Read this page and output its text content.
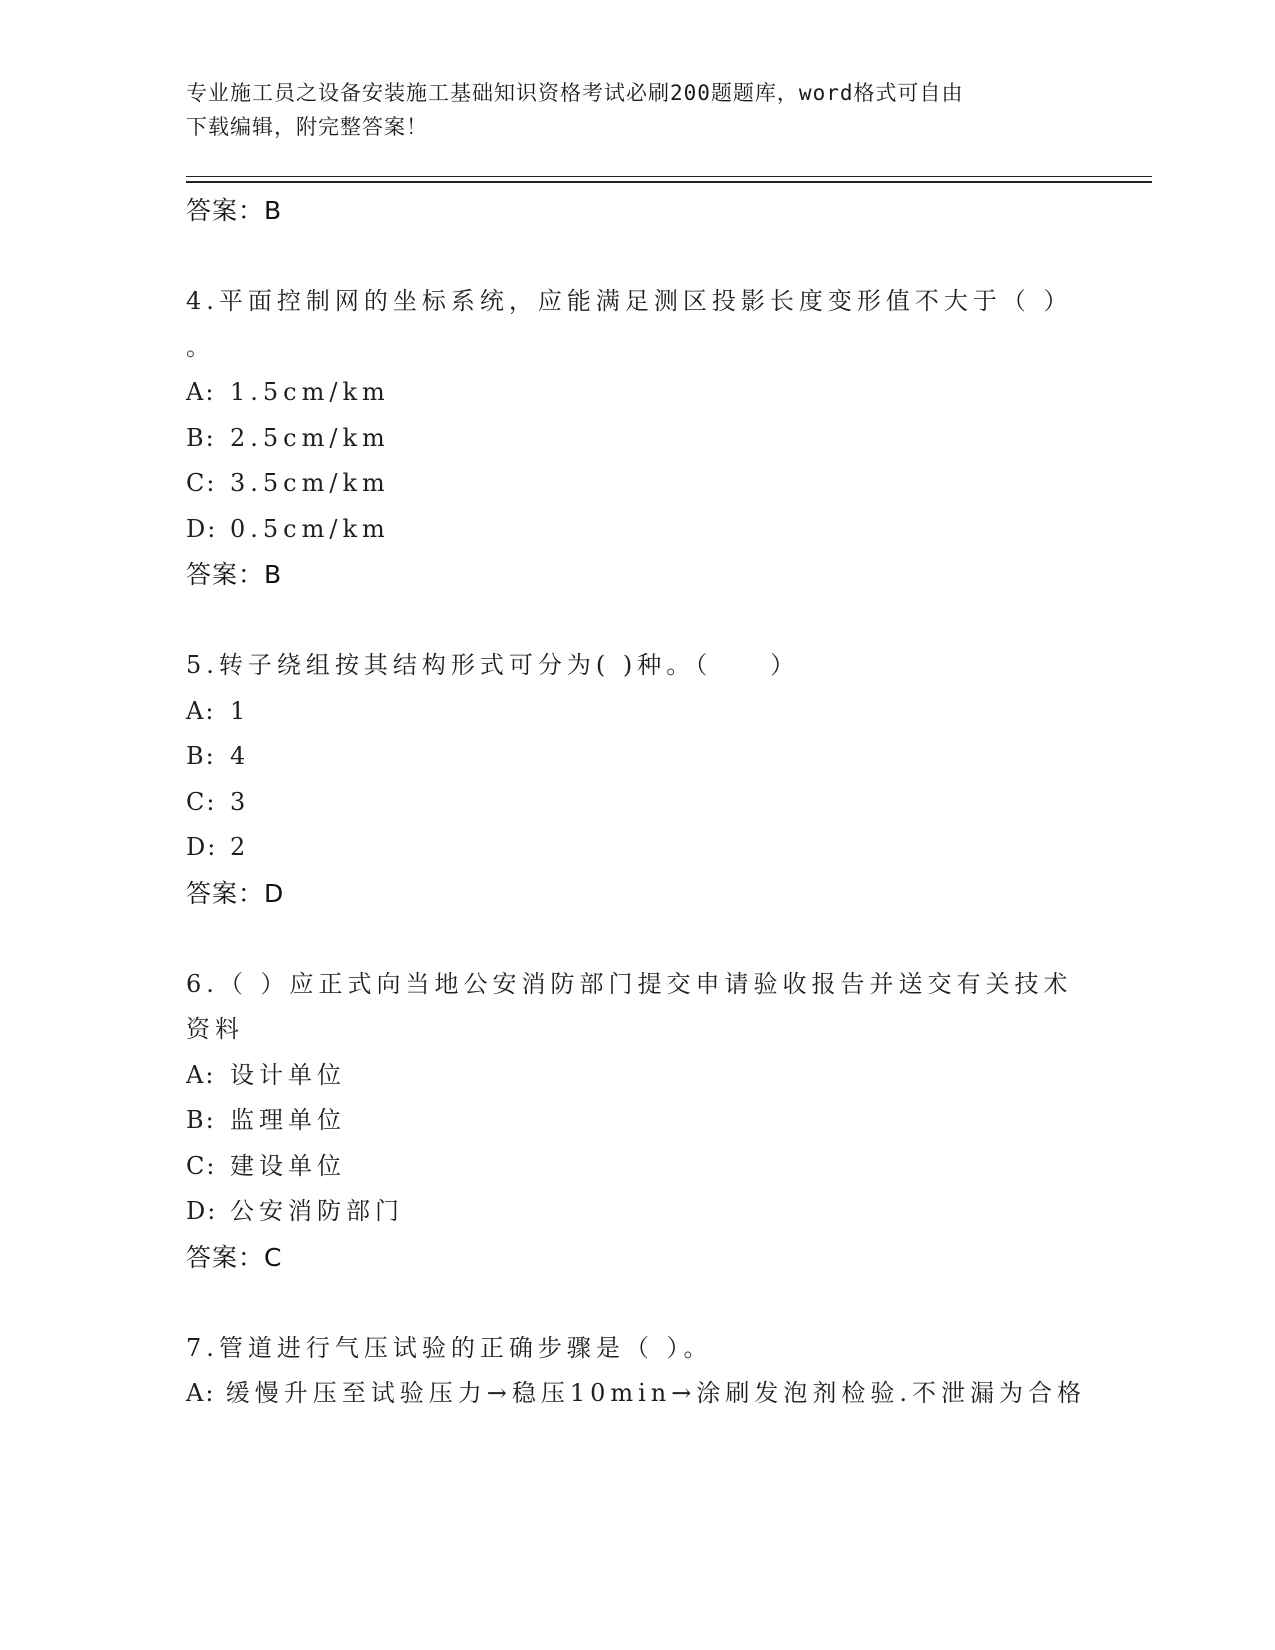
专业施工员之设备安装施工基础知识资格考试必刷200题题库，word格式可自由
下载编辑，附完整答案！

答案：B

4.平面控制网的坐标系统，应能满足测区投影长度变形值不大于（ ）

。

A: 1.5cm/km

B: 2.5cm/km

C: 3.5cm/km

D: 0.5cm/km

答案：B

5.转子绕组按其结构形式可分为( )种。（　　）

A: 1

B: 4

C: 3

D: 2

答案：D

6.（ ）应正式向当地公安消防部门提交申请验收报告并送交有关技术

资料

A: 设计单位

B: 监理单位

C: 建设单位

D: 公安消防部门

答案：C

7.管道进行气压试验的正确步骤是（ ）。

A: 缓慢升压至试验压力→稳压10min→涂刷发泡剂检验.不泄漏为合格
